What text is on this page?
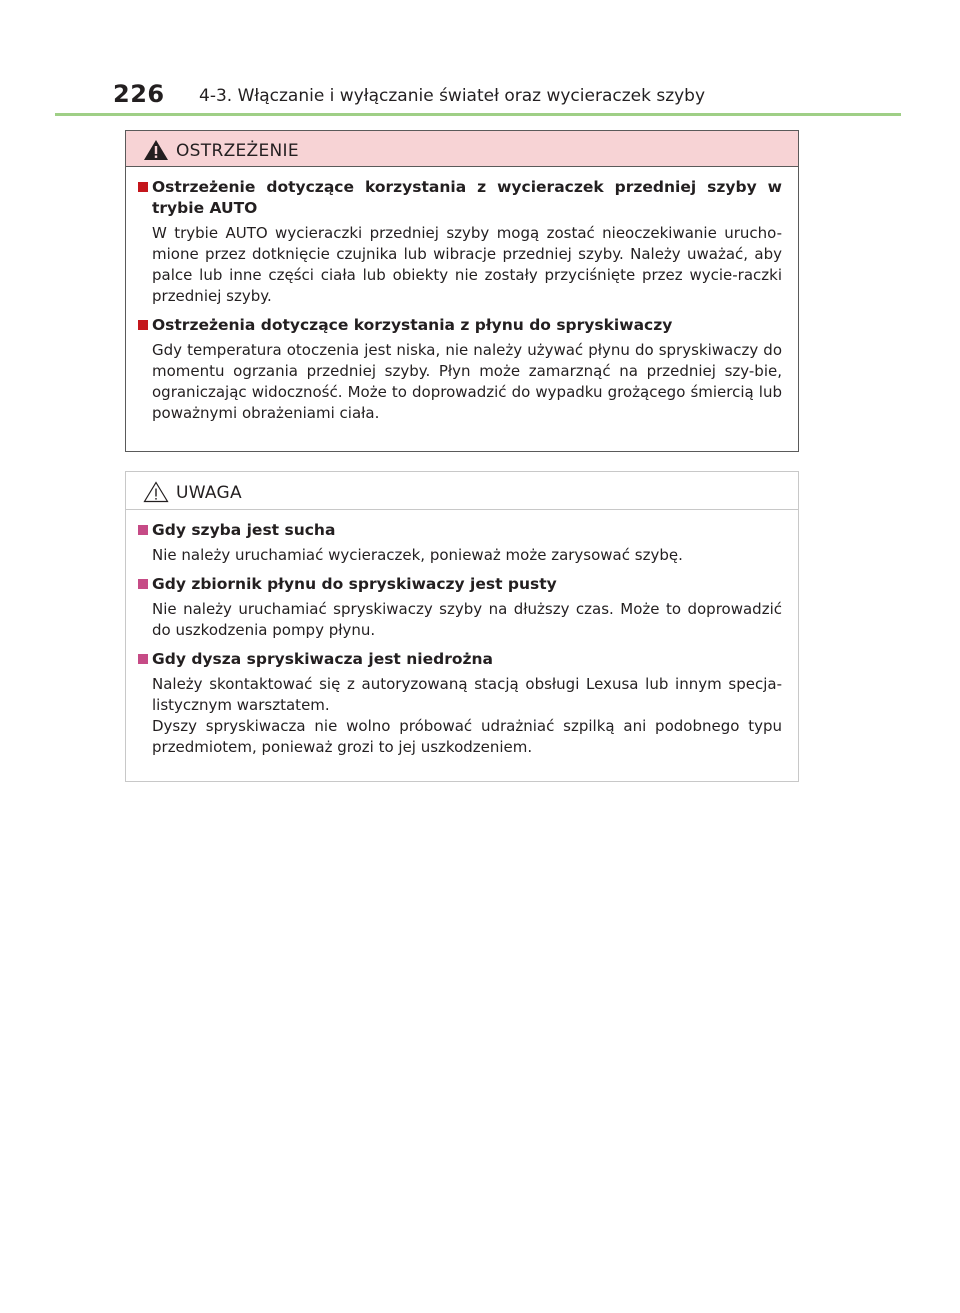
226 4-3. Włączanie i wyłączanie świateł oraz wycieraczek szyby
OSTRZEŻENIE
Ostrzeżenie dotyczące korzystania z wycieraczek przedniej szyby w trybie AUTO
W trybie AUTO wycieraczki przedniej szyby mogą zostać nieoczekiwanie urucho-mione przez dotknięcie czujnika lub wibracje przedniej szyby. Należy uważać, aby palce lub inne części ciała lub obiekty nie zostały przyciśnięte przez wycie-raczki przedniej szyby.
Ostrzeżenia dotyczące korzystania z płynu do spryskiwaczy
Gdy temperatura otoczenia jest niska, nie należy używać płynu do spryskiwaczy do momentu ogrzania przedniej szyby. Płyn może zamarznąć na przedniej szy-bie, ograniczając widoczność. Może to doprowadzić do wypadku grożącego śmiercią lub poważnymi obrażeniami ciała.
UWAGA
Gdy szyba jest sucha
Nie należy uruchamiać wycieraczek, ponieważ może zarysować szybę.
Gdy zbiornik płynu do spryskiwaczy jest pusty
Nie należy uruchamiać spryskiwaczy szyby na dłuższy czas. Może to doprowadzić do uszkodzenia pompy płynu.
Gdy dysza spryskiwacza jest niedrożna

Należy skontaktować się z autoryzowaną stacją obsługi Lexusa lub innym specja-listycznym warsztatem.

Dyszy spryskiwacza nie wolno próbować udrażniać szpilką ani podobnego typu przedmiotem, ponieważ grozi to jej uszkodzeniem.
